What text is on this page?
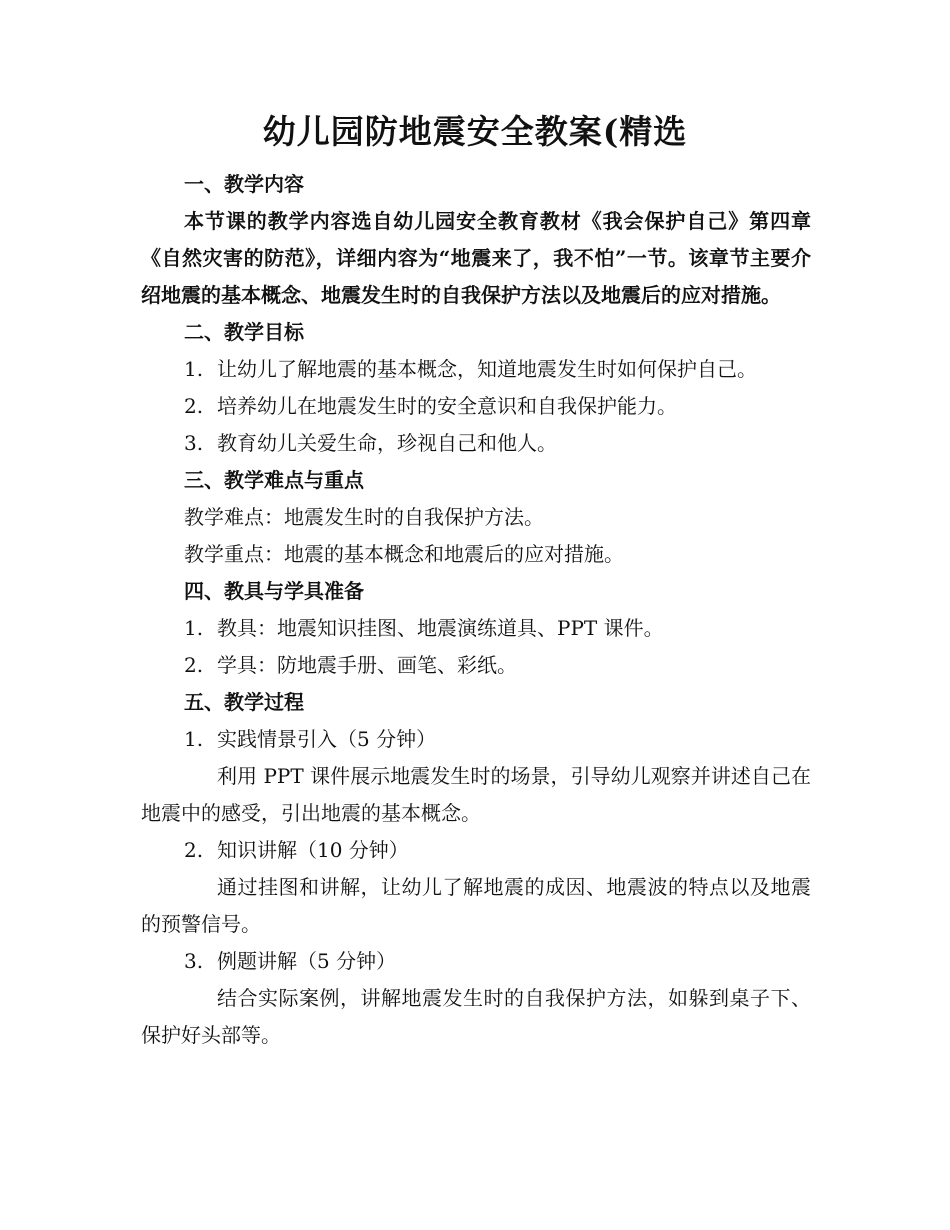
幼儿园防地震安全教案(精选
一、教学内容
本节课的教学内容选自幼儿园安全教育教材《我会保护自己》第四章《自然灾害的防范》，详细内容为“地震来了，我不怕”一节。该章节主要介绍地震的基本概念、地震发生时的自我保护方法以及地震后的应对措施。
二、教学目标
1. 让幼儿了解地震的基本概念，知道地震发生时如何保护自己。
2. 培养幼儿在地震发生时的安全意识和自我保护能力。
3. 教育幼儿关爱生命，珍视自己和他人。
三、教学难点与重点
教学难点：地震发生时的自我保护方法。
教学重点：地震的基本概念和地震后的应对措施。
四、教具与学具准备
1. 教具：地震知识挂图、地震演练道具、PPT 课件。
2. 学具：防地震手册、画笔、彩纸。
五、教学过程
1. 实践情景引入（5 分钟）
利用 PPT 课件展示地震发生时的场景，引导幼儿观察并讲述自己在地震中的感受，引出地震的基本概念。
2. 知识讲解（10 分钟）
通过挂图和讲解，让幼儿了解地震的成因、地震波的特点以及地震的预警信号。
3. 例题讲解（5 分钟）
结合实际案例，讲解地震发生时的自我保护方法，如躲到桌子下、保护好头部等。
